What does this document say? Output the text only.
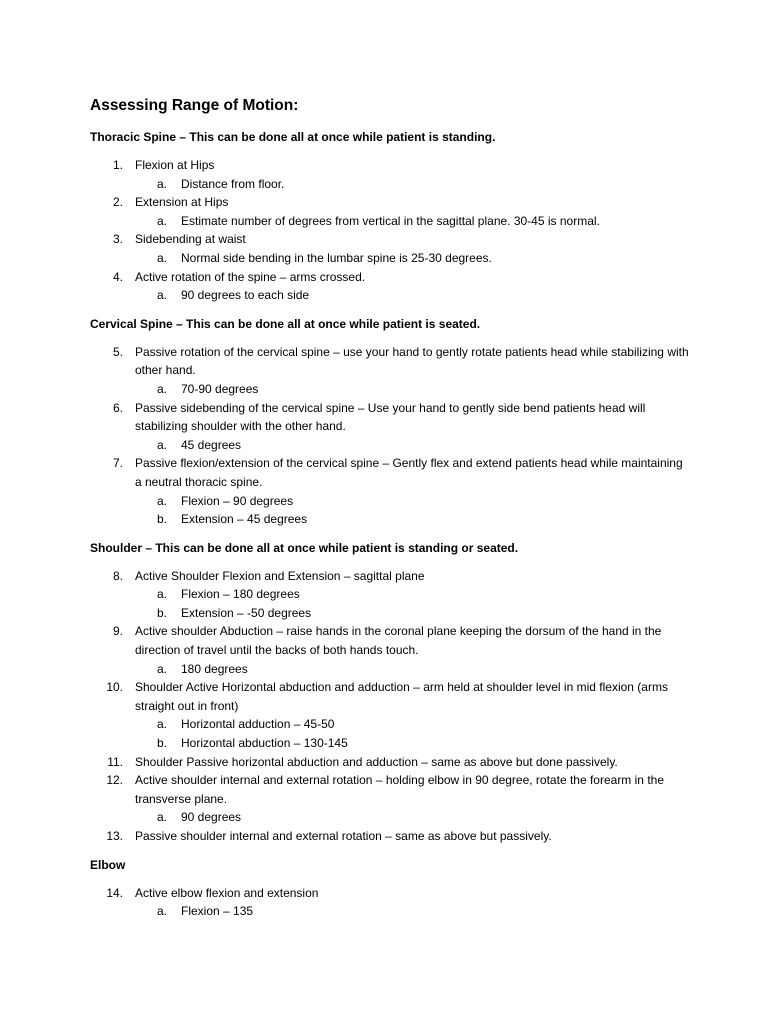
Assessing Range of Motion:
Thoracic Spine – This can be done all at once while patient is standing.
1. Flexion at Hips
a.	Distance from floor.
2. Extension at Hips
a.	Estimate number of degrees from vertical in the sagittal plane. 30-45 is normal.
3. Sidebending at waist
a.	Normal side bending in the lumbar spine is 25-30 degrees.
4. Active rotation of the spine – arms crossed.
a.	90 degrees to each side
Cervical Spine – This can be done all at once while patient is seated.
5. Passive rotation of the cervical spine – use your hand to gently rotate patients head while stabilizing with other hand.
a.	70-90 degrees
6. Passive sidebending of the cervical spine – Use your hand to gently side bend patients head will stabilizing shoulder with the other hand.
a.	45 degrees
7. Passive flexion/extension of the cervical spine – Gently flex and extend patients head while maintaining a neutral thoracic spine.
a.	Flexion – 90 degrees
b.	Extension – 45 degrees
Shoulder – This can be done all at once while patient is standing or seated.
8. Active Shoulder Flexion and Extension – sagittal plane
a.	Flexion – 180 degrees
b.	Extension – -50 degrees
9. Active shoulder Abduction – raise hands in the coronal plane keeping the dorsum of the hand in the direction of travel until the backs of both hands touch.
a.	180 degrees
10. Shoulder Active Horizontal abduction and adduction – arm held at shoulder level in mid flexion (arms straight out in front)
a.	Horizontal adduction – 45-50
b.	Horizontal abduction – 130-145
11. Shoulder Passive horizontal abduction and adduction – same as above but done passively.
12. Active shoulder internal and external rotation – holding elbow in 90 degree, rotate the forearm in the transverse plane.
a.	90 degrees
13. Passive shoulder internal and external rotation – same as above but passively.
Elbow
14. Active elbow flexion and extension
a.	Flexion – 135
